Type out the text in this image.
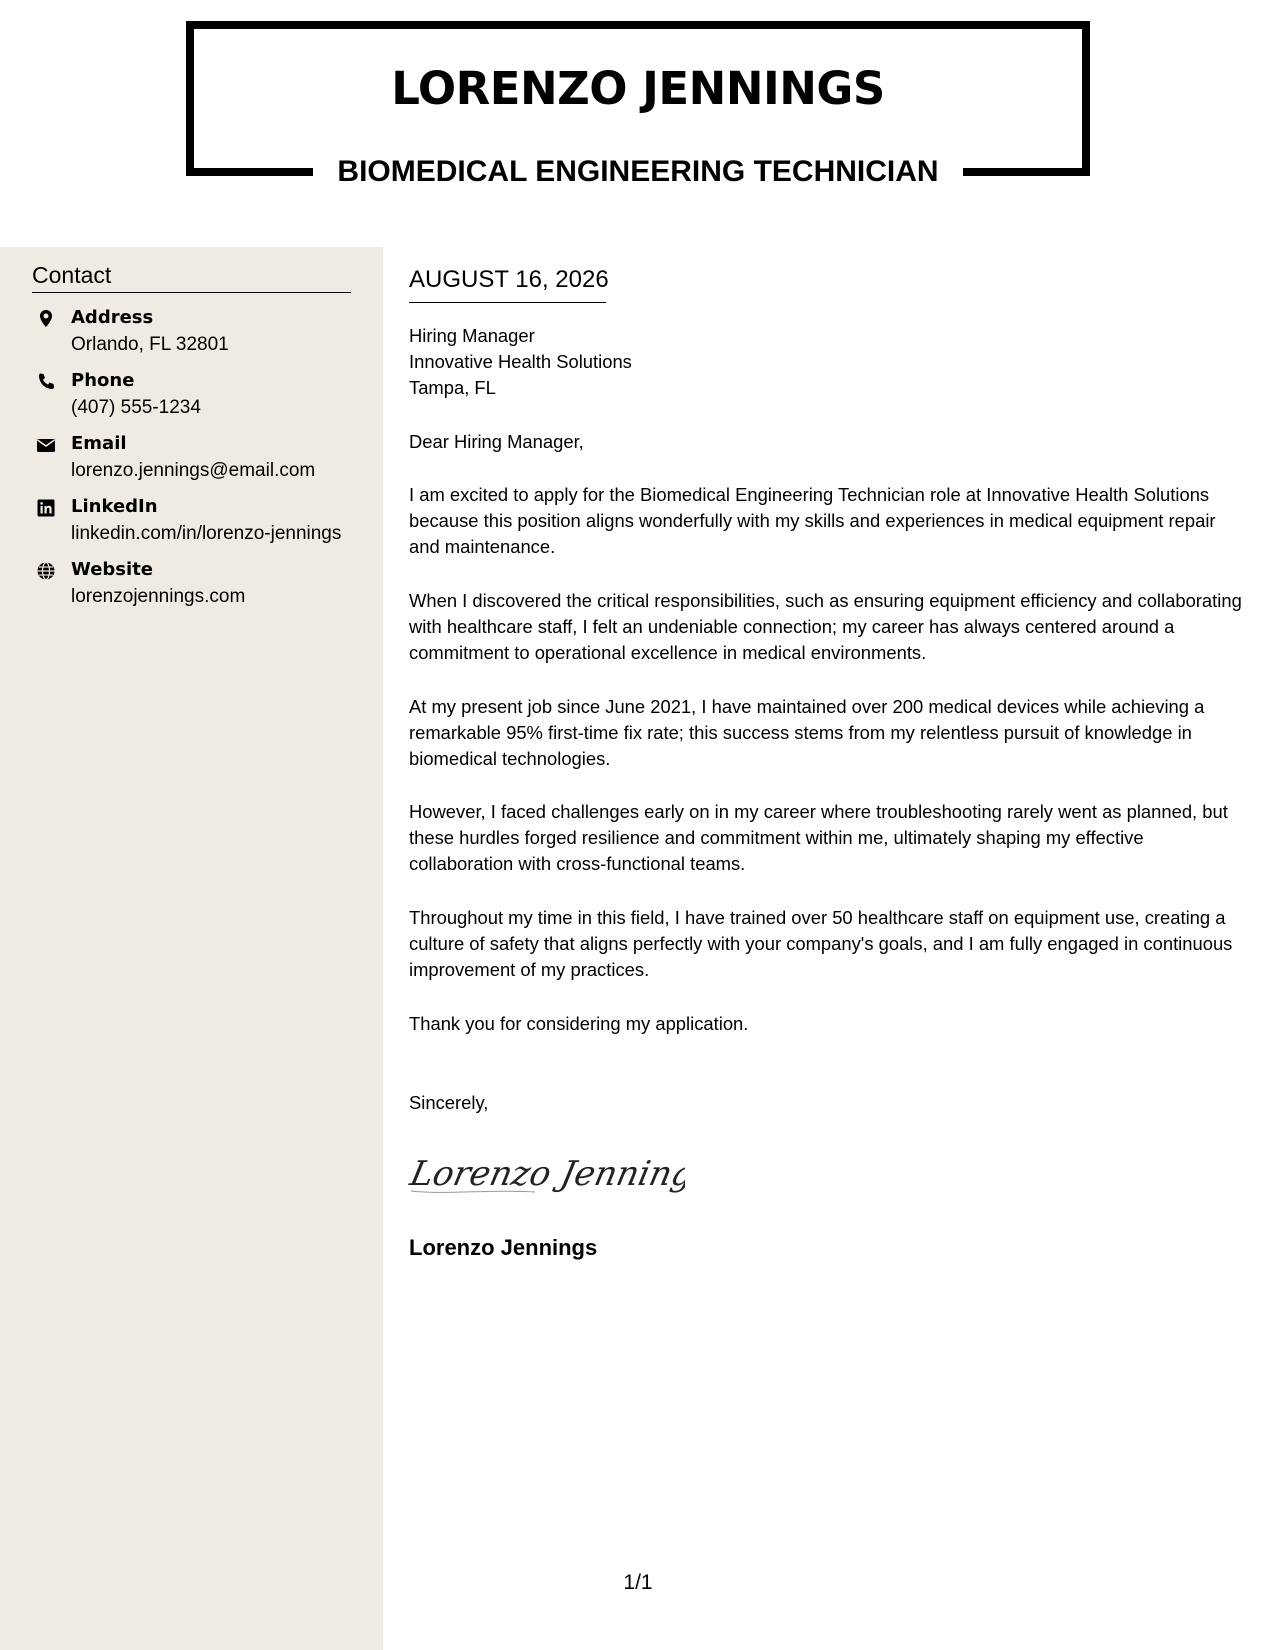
LORENZO JENNINGS
BIOMEDICAL ENGINEERING TECHNICIAN
Contact
Address
Orlando, FL 32801
Phone
(407) 555-1234
Email
lorenzo.jennings@email.com
LinkedIn
linkedin.com/in/lorenzo-jennings
Website
lorenzojennings.com
AUGUST 16, 2026
Hiring Manager
Innovative Health Solutions
Tampa, FL
Dear Hiring Manager,
I am excited to apply for the Biomedical Engineering Technician role at Innovative Health Solutions because this position aligns wonderfully with my skills and experiences in medical equipment repair and maintenance.
When I discovered the critical responsibilities, such as ensuring equipment efficiency and collaborating with healthcare staff, I felt an undeniable connection; my career has always centered around a commitment to operational excellence in medical environments.
At my present job since June 2021, I have maintained over 200 medical devices while achieving a remarkable 95% first-time fix rate; this success stems from my relentless pursuit of knowledge in biomedical technologies.
However, I faced challenges early on in my career where troubleshooting rarely went as planned, but these hurdles forged resilience and commitment within me, ultimately shaping my effective collaboration with cross-functional teams.
Throughout my time in this field, I have trained over 50 healthcare staff on equipment use, creating a culture of safety that aligns perfectly with your company's goals, and I am fully engaged in continuous improvement of my practices.
Thank you for considering my application.
Sincerely,
Lorenzo Jennings
Lorenzo Jennings
1/1
